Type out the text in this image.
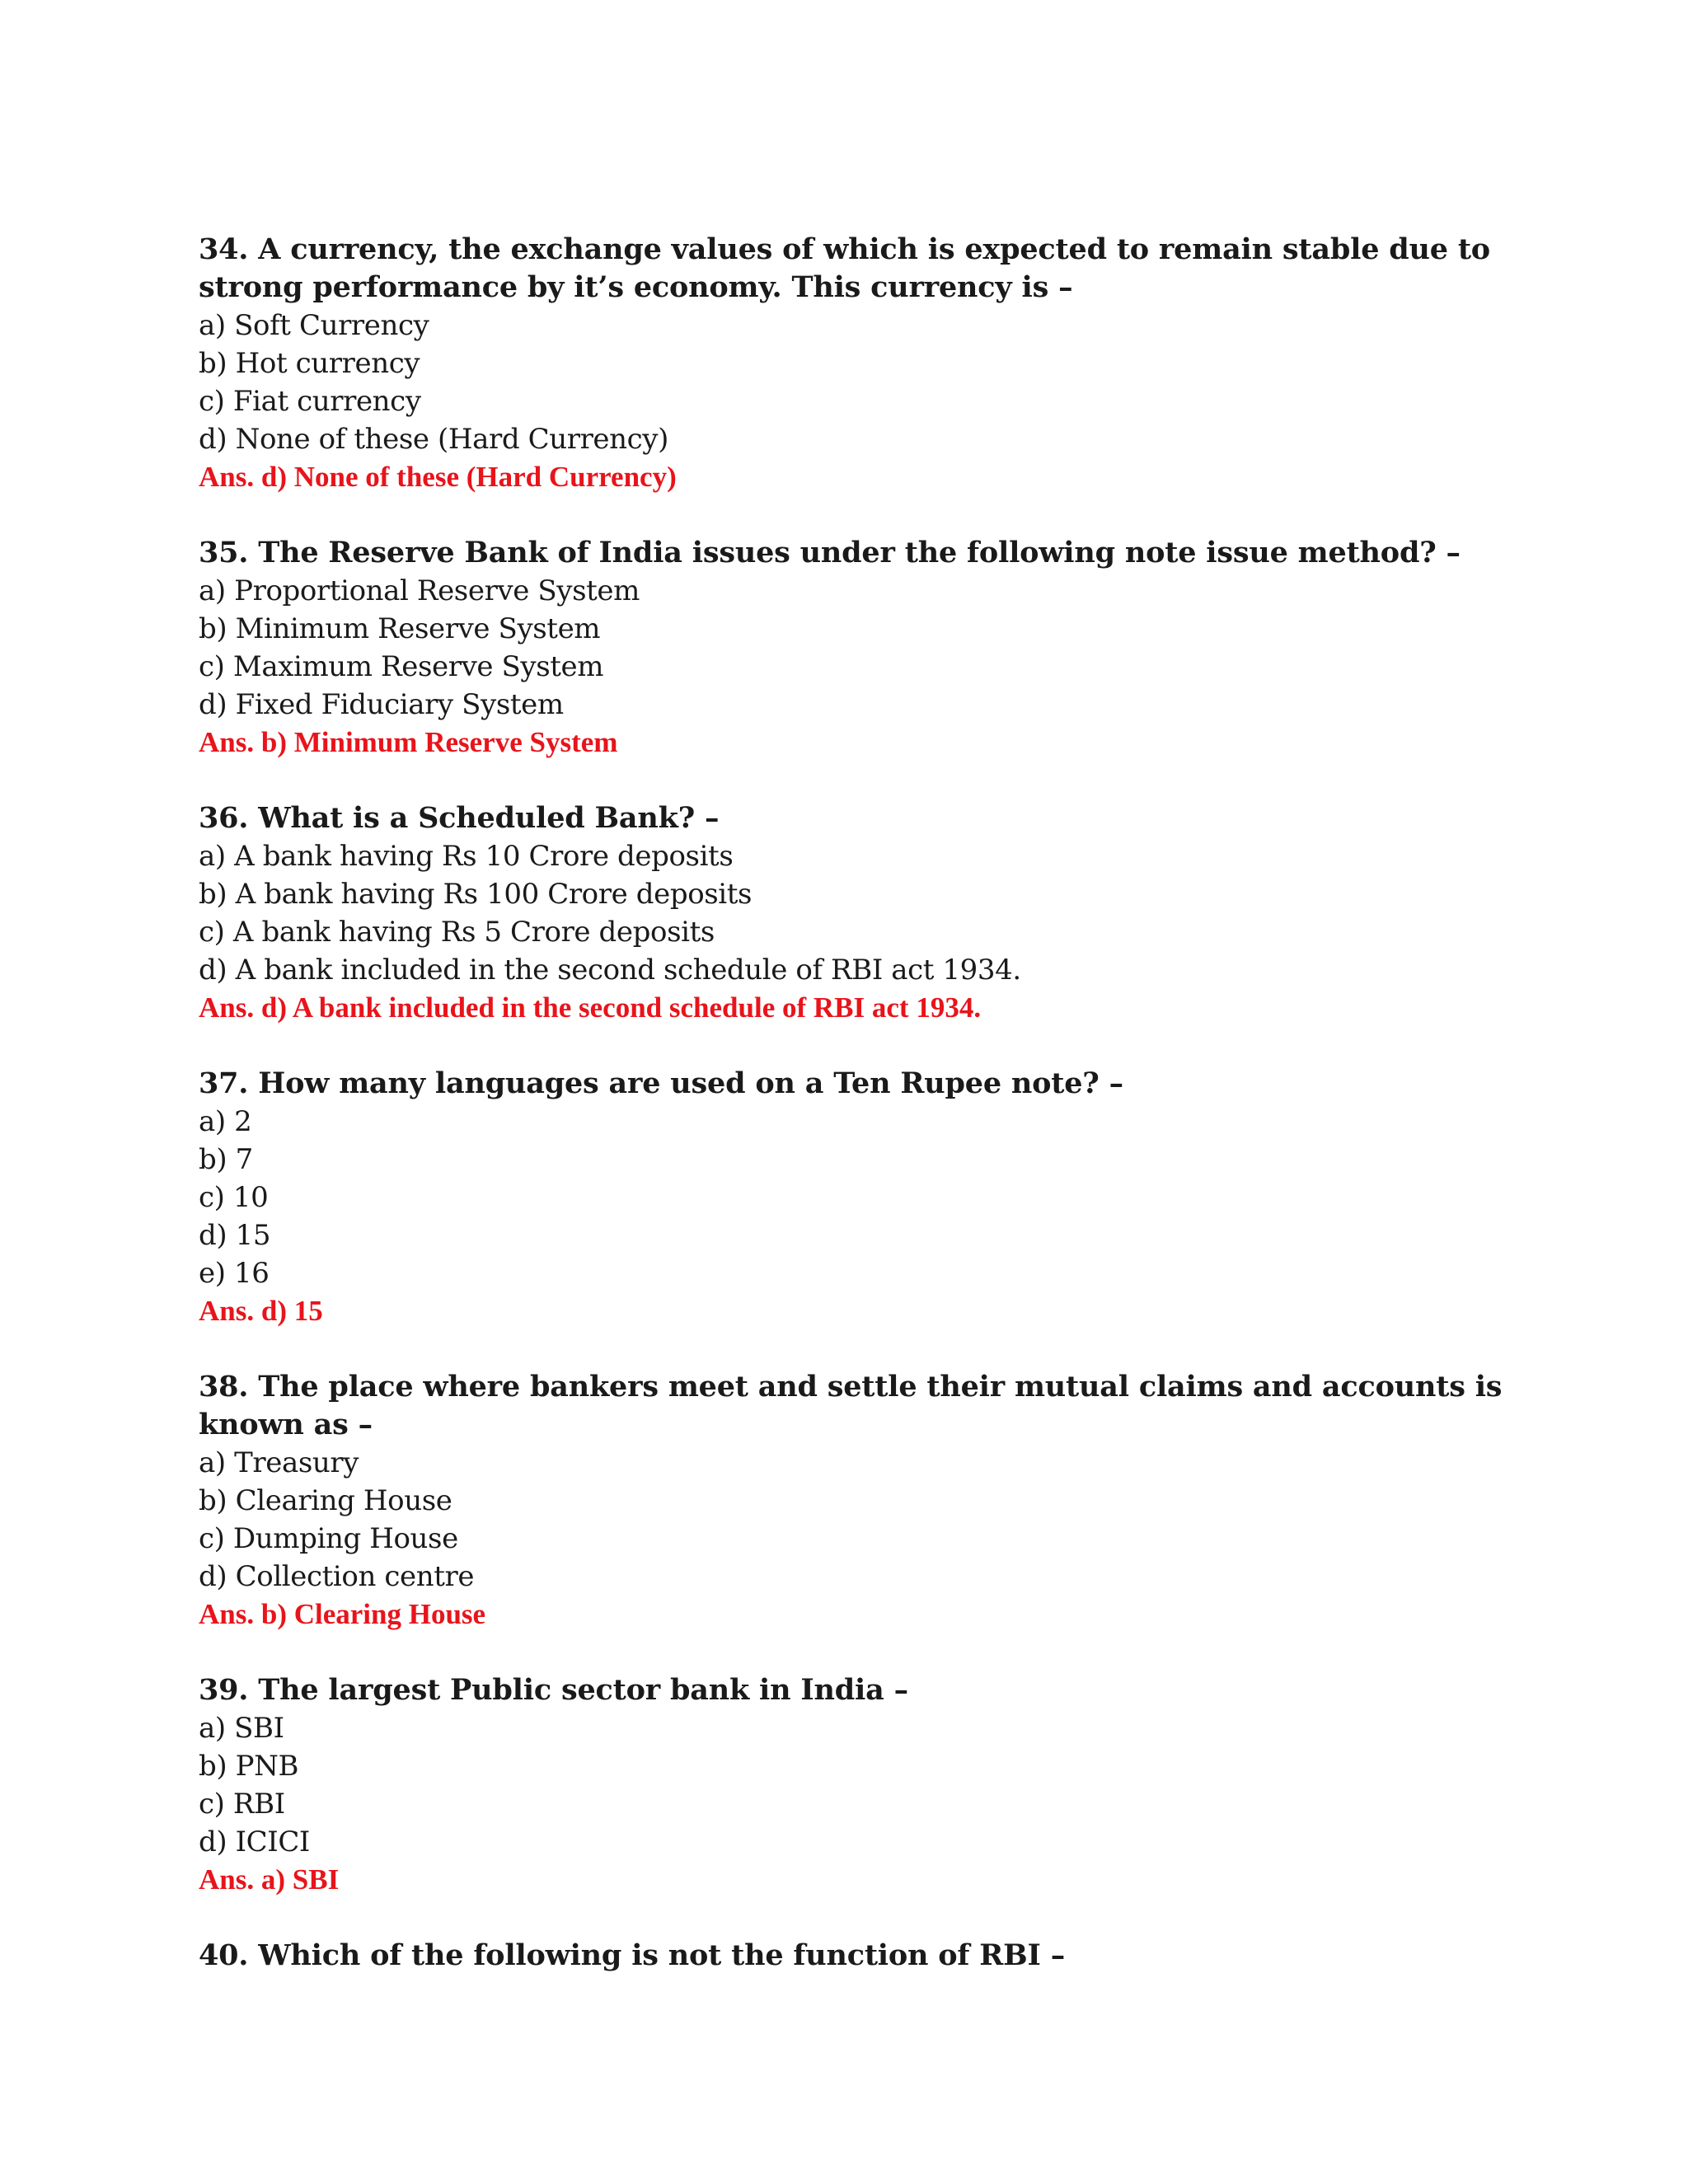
34. A currency, the exchange values of which is expected to remain stable due to strong performance by it’s economy. This currency is –

a) Soft Currency

b) Hot currency

c) Fiat currency

d) None of these (Hard Currency)

Ans. d) None of these (Hard Currency)

35. The Reserve Bank of India issues under the following note issue method? –

a) Proportional Reserve System

b) Minimum Reserve System

c) Maximum Reserve System

d) Fixed Fiduciary System

Ans. b) Minimum Reserve System

36. What is a Scheduled Bank? –

a) A bank having Rs 10 Crore deposits

b) A bank having Rs 100 Crore deposits

c) A bank having Rs 5 Crore deposits

d) A bank included in the second schedule of RBI act 1934.

Ans. d) A bank included in the second schedule of RBI act 1934.

37. How many languages are used on a Ten Rupee note? –

a) 2

b) 7

c) 10

d) 15

e) 16

Ans. d) 15

38. The place where bankers meet and settle their mutual claims and accounts is known as –

a) Treasury

b) Clearing House

c) Dumping House

d) Collection centre

Ans. b) Clearing House

39. The largest Public sector bank in India –

a) SBI

b) PNB

c) RBI

d) ICICI

Ans. a) SBI

40. Which of the following is not the function of RBI –
